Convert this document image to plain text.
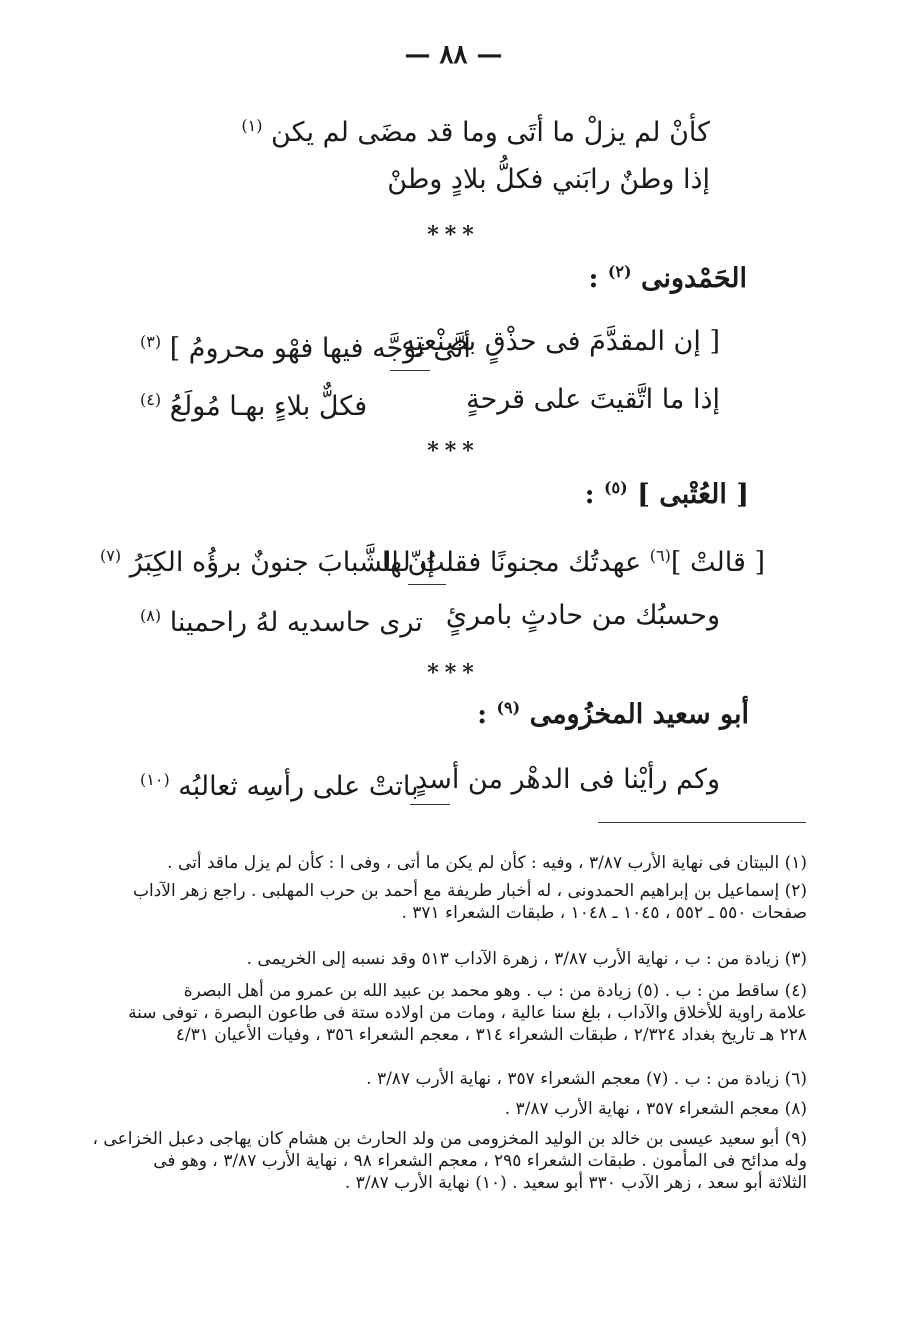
— ٨٨ —
كأنْ لم يزلْ ما أتَى وما قد مضَى لم يكن $^{(١)}$
إذا وطنٌ رابَني فكلُّ بلادٍ وطنْ
***
الحَمْدونى $^{(٢)}$ :
[ إن المقدَّمَ فى حذْقٍ بصنْعتِه
أنَّى توجَّه فيها فهْو محرومُ ] $^{(٣)}$
إذا ما اتَّقيتَ على قرحةٍ
فكلٌّ بلاءٍ بهـا مُولَعُ $^{(٤)}$
***
[ العُتْبى ] $^{(٥)}$ :
[ قالتْ ]$^{(٦)}$ عهدتُك مجنونًا فقلتُ لها
إنّ الشَّبابَ جنونٌ برؤُه الكِبَرُ $^{(٧)}$
وحسبُك من حادثٍ بامرئٍ
ترى حاسديه لهُ راحمينا $^{(٨)}$
***
أبو سعيد المخزُومى $^{(٩)}$ :
وكم رأيْنا فى الدهْر من أسدٍ
باتتْ على رأسِه ثعالبُه $^{(١٠)}$
(١) البيتان فى نهاية الأرب ٣/٨٧ ، وفيه : كأن لم يكن ما أتى ، وفى ا : كأن لم يزل ماقد أتى .
(٢) إسماعيل بن إبراهيم الحمدونى ، له أخبار طريفة مع أحمد بن حرب المهلبى . راجع زهر الآداب
صفحات ٥٥٠ ـ ٥٥٢ ، ١٠٤٥ ـ ١٠٤٨ ، طبقات الشعراء ٣٧١ .
(٣) زيادة من : ب ، نهاية الأرب ٣/٨٧ ، زهرة الآداب ٥١٣ وقد نسبه إلى الخريمى .
(٤) ساقط من : ب . (٥) زيادة من : ب . وهو محمد بن عبيد الله بن عمرو من أهل البصرة
علامة راوية للأخلاق والآداب ، بلغ سنا عالية ، ومات من اولاده ستة فى طاعون البصرة ، توفى سنة
٢٢٨ هـ تاريخ بغداد ٢/٣٢٤ ، طبقات الشعراء ٣١٤ ، معجم الشعراء ٣٥٦ ، وفيات الأعيان ٤/٣١
(٦) زيادة من : ب . (٧) معجم الشعراء ٣٥٧ ، نهاية الأرب ٣/٨٧ .
(٨) معجم الشعراء ٣٥٧ ، نهاية الأرب ٣/٨٧ .
(٩) أبو سعيد عيسى بن خالد بن الوليد المخزومى من ولد الحارث بن هشام كان يهاجى دعبل الخزاعى ،
وله مدائح فى المأمون . طبقات الشعراء ٢٩٥ ، معجم الشعراء ٩٨ ، نهاية الأرب ٣/٨٧ ، وهو فى
الثلاثة أبو سعد ، زهر الآدب ٣٣٠ أبو سعيد . (١٠) نهاية الأرب ٣/٨٧ .
